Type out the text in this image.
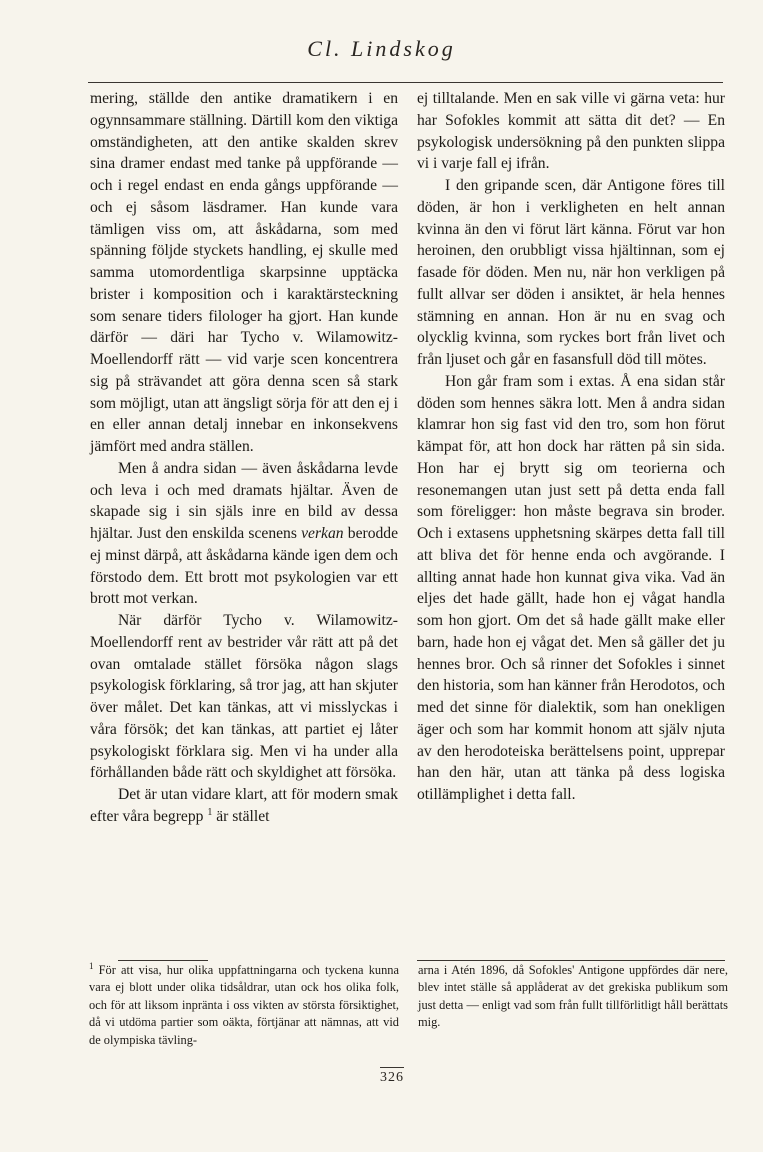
Cl. Lindskog

mering, ställde den antike dramatikern i en ogynnsammare ställning. Därtill kom den viktiga omständigheten, att den antike skalden skrev sina dramer endast med tanke på uppförande — och i regel endast en enda gångs uppförande — och ej såsom läsdramer. Han kunde vara tämligen viss om, att åskådarna, som med spänning följde styckets handling, ej skulle med samma utomordentliga skarpsinne upptäcka brister i komposition och i karaktärsteckning som senare tiders filologer ha gjort. Han kunde därför — däri har Tycho v. Wilamowitz-Moellendorff rätt — vid varje scen koncentrera sig på strävandet att göra denna scen så stark som möjligt, utan att ängsligt sörja för att den ej i en eller annan detalj innebar en inkonsekvens jämfört med andra ställen.

Men å andra sidan — även åskådarna levde och leva i och med dramats hjältar. Även de skapade sig i sin själs inre en bild av dessa hjältar. Just den enskilda scenens verkan berodde ej minst därpå, att åskådarna kände igen dem och förstodo dem. Ett brott mot psykologien var ett brott mot verkan.

När därför Tycho v. Wilamowitz-Moellendorff rent av bestrider vår rätt att på det ovan omtalade stället försöka någon slags psykologisk förklaring, så tror jag, att han skjuter över målet. Det kan tänkas, att vi misslyckas i våra försök; det kan tänkas, att partiet ej låter psykologiskt förklara sig. Men vi ha under alla förhållanden både rätt och skyldighet att försöka.

Det är utan vidare klart, att för modern smak efter våra begrepp $^1$ är stället

ej tilltalande. Men en sak ville vi gärna veta: hur har Sofokles kommit att sätta dit det? — En psykologisk undersökning på den punkten slippa vi i varje fall ej ifrån.

I den gripande scen, där Antigone föres till döden, är hon i verkligheten en helt annan kvinna än den vi förut lärt känna. Förut var hon heroinen, den orubbligt vissa hjältinnan, som ej fasade för döden. Men nu, när hon verkligen på fullt allvar ser döden i ansiktet, är hela hennes stämning en annan. Hon är nu en svag och olycklig kvinna, som ryckes bort från livet och från ljuset och går en fasansfull död till mötes.

Hon går fram som i extas. Å ena sidan står döden som hennes säkra lott. Men å andra sidan klamrar hon sig fast vid den tro, som hon förut kämpat för, att hon dock har rätten på sin sida. Hon har ej brytt sig om teorierna och resonemangen utan just sett på detta enda fall som föreligger: hon måste begrava sin broder. Och i extasens upphetsning skärpes detta fall till att bliva det för henne enda och avgörande. I allting annat hade hon kunnat giva vika. Vad än eljes det hade gällt, hade hon ej vågat handla som hon gjort. Om det så hade gällt make eller barn, hade hon ej vågat det. Men så gäller det ju hennes bror. Och så rinner det Sofokles i sinnet den historia, som han känner från Herodotos, och med det sinne för dialektik, som han onekligen äger och som har kommit honom att själv njuta av den herodoteiska berättelsens point, upprepar han den här, utan att tänka på dess logiska otillämplighet i detta fall.

$^1$ För att visa, hur olika uppfattningarna och tyckena kunna vara ej blott under olika tidsåldrar, utan ock hos olika folk, och för att liksom inpränta i oss vikten av största försiktighet, då vi utdöma partier som oäkta, förtjänar att nämnas, att vid de olympiska tävling-

arna i Atén 1896, då Sofokles' Antigone uppfördes där nere, blev intet ställe så applåderat av det grekiska publikum som just detta — enligt vad som från fullt tillförlitligt håll berättats mig.

326
